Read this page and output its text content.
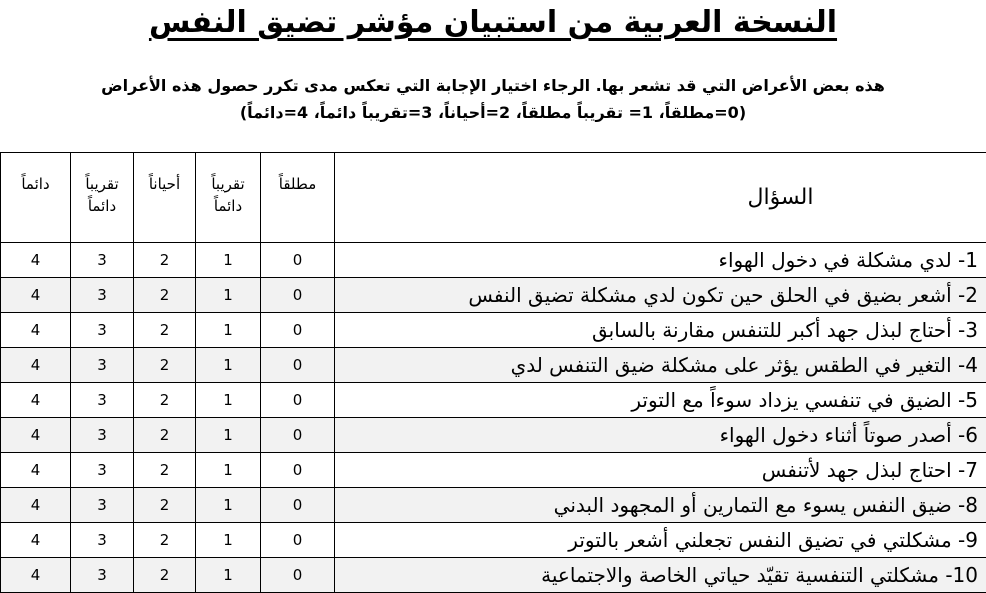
النسخة العربية من استبيان مؤشر تضيق النفس
هذه بعض الأعراض التي قد تشعر بها. الرجاء اختيار الإجابة التي تعكس مدى تكرر حصول هذه الأعراض
(0=مطلقاً، 1= تقريباً مطلقاً، 2=أحياناً، 3=تقريباً دائماً، 4=دائماً)
السؤال	مطلقاً	تقريباً دائماً	أحياناً	تقريباً دائماً	دائماً
1- لدي مشكلة في دخول الهواء	0	1	2	3	4
2- أشعر بضيق في الحلق حين تكون لدي مشكلة تضيق النفس	0	1	2	3	4
3- أحتاج لبذل جهد أكبر للتنفس مقارنة بالسابق	0	1	2	3	4
4- التغير في الطقس يؤثر على مشكلة ضيق التنفس لدي	0	1	2	3	4
5- الضيق في تنفسي يزداد سوءاً مع التوتر	0	1	2	3	4
6- أصدر صوتاً أثناء دخول الهواء	0	1	2	3	4
7- احتاج لبذل جهد لأتنفس	0	1	2	3	4
8- ضيق النفس يسوء مع التمارين أو المجهود البدني	0	1	2	3	4
9- مشكلتي في تضيق النفس تجعلني أشعر بالتوتر	0	1	2	3	4
10- مشكلتي التنفسية تقيّد حياتي الخاصة والاجتماعية	0	1	2	3	4
